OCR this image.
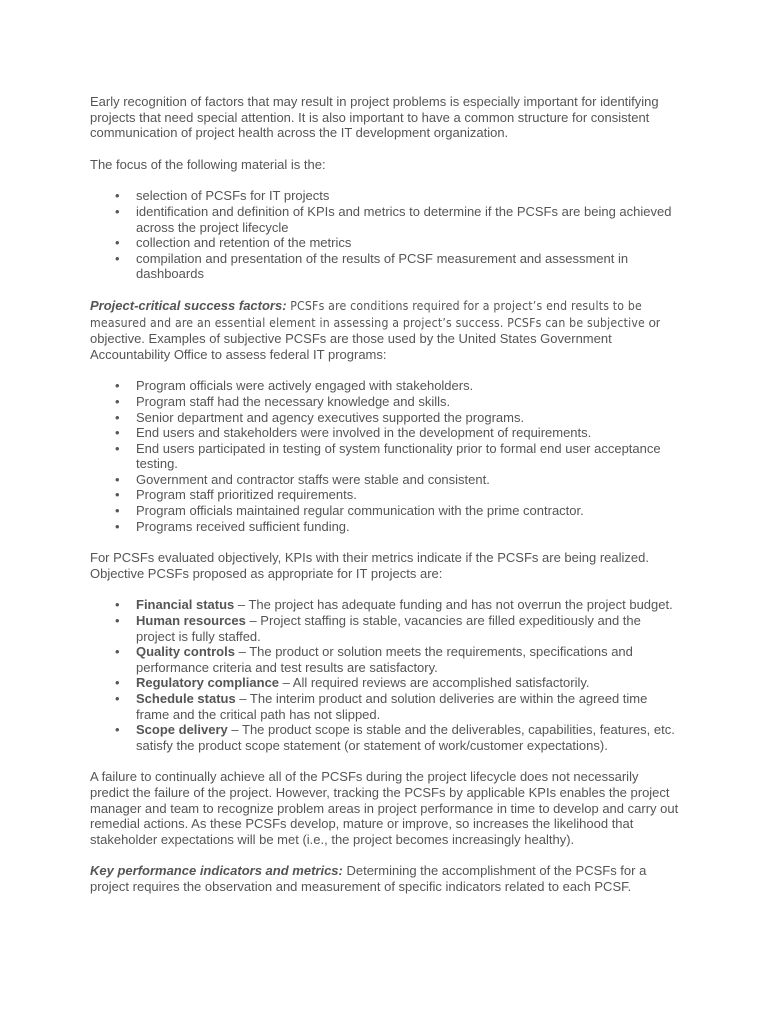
Early recognition of factors that may result in project problems is especially important for identifying projects that need special attention. It is also important to have a common structure for consistent communication of project health across the IT development organization.

The focus of the following material is the:

• selection of PCSFs for IT projects
• identification and definition of KPIs and metrics to determine if the PCSFs are being achieved across the project lifecycle
• collection and retention of the metrics
• compilation and presentation of the results of PCSF measurement and assessment in dashboards

Project-critical success factors: PCSFs are conditions required for a project’s end results to be measured and are an essential element in assessing a project’s success. PCSFs can be subjective or objective. Examples of subjective PCSFs are those used by the United States Government Accountability Office to assess federal IT programs:

• Program officials were actively engaged with stakeholders.
• Program staff had the necessary knowledge and skills.
• Senior department and agency executives supported the programs.
• End users and stakeholders were involved in the development of requirements.
• End users participated in testing of system functionality prior to formal end user acceptance testing.
• Government and contractor staffs were stable and consistent.
• Program staff prioritized requirements.
• Program officials maintained regular communication with the prime contractor.
• Programs received sufficient funding.

For PCSFs evaluated objectively, KPIs with their metrics indicate if the PCSFs are being realized. Objective PCSFs proposed as appropriate for IT projects are:

• Financial status – The project has adequate funding and has not overrun the project budget.
• Human resources – Project staffing is stable, vacancies are filled expeditiously and the project is fully staffed.
• Quality controls – The product or solution meets the requirements, specifications and performance criteria and test results are satisfactory.
• Regulatory compliance – All required reviews are accomplished satisfactorily.
• Schedule status – The interim product and solution deliveries are within the agreed time frame and the critical path has not slipped.
• Scope delivery – The product scope is stable and the deliverables, capabilities, features, etc. satisfy the product scope statement (or statement of work/customer expectations).

A failure to continually achieve all of the PCSFs during the project lifecycle does not necessarily predict the failure of the project. However, tracking the PCSFs by applicable KPIs enables the project manager and team to recognize problem areas in project performance in time to develop and carry out remedial actions. As these PCSFs develop, mature or improve, so increases the likelihood that stakeholder expectations will be met (i.e., the project becomes increasingly healthy).

Key performance indicators and metrics: Determining the accomplishment of the PCSFs for a project requires the observation and measurement of specific indicators related to each PCSF.
